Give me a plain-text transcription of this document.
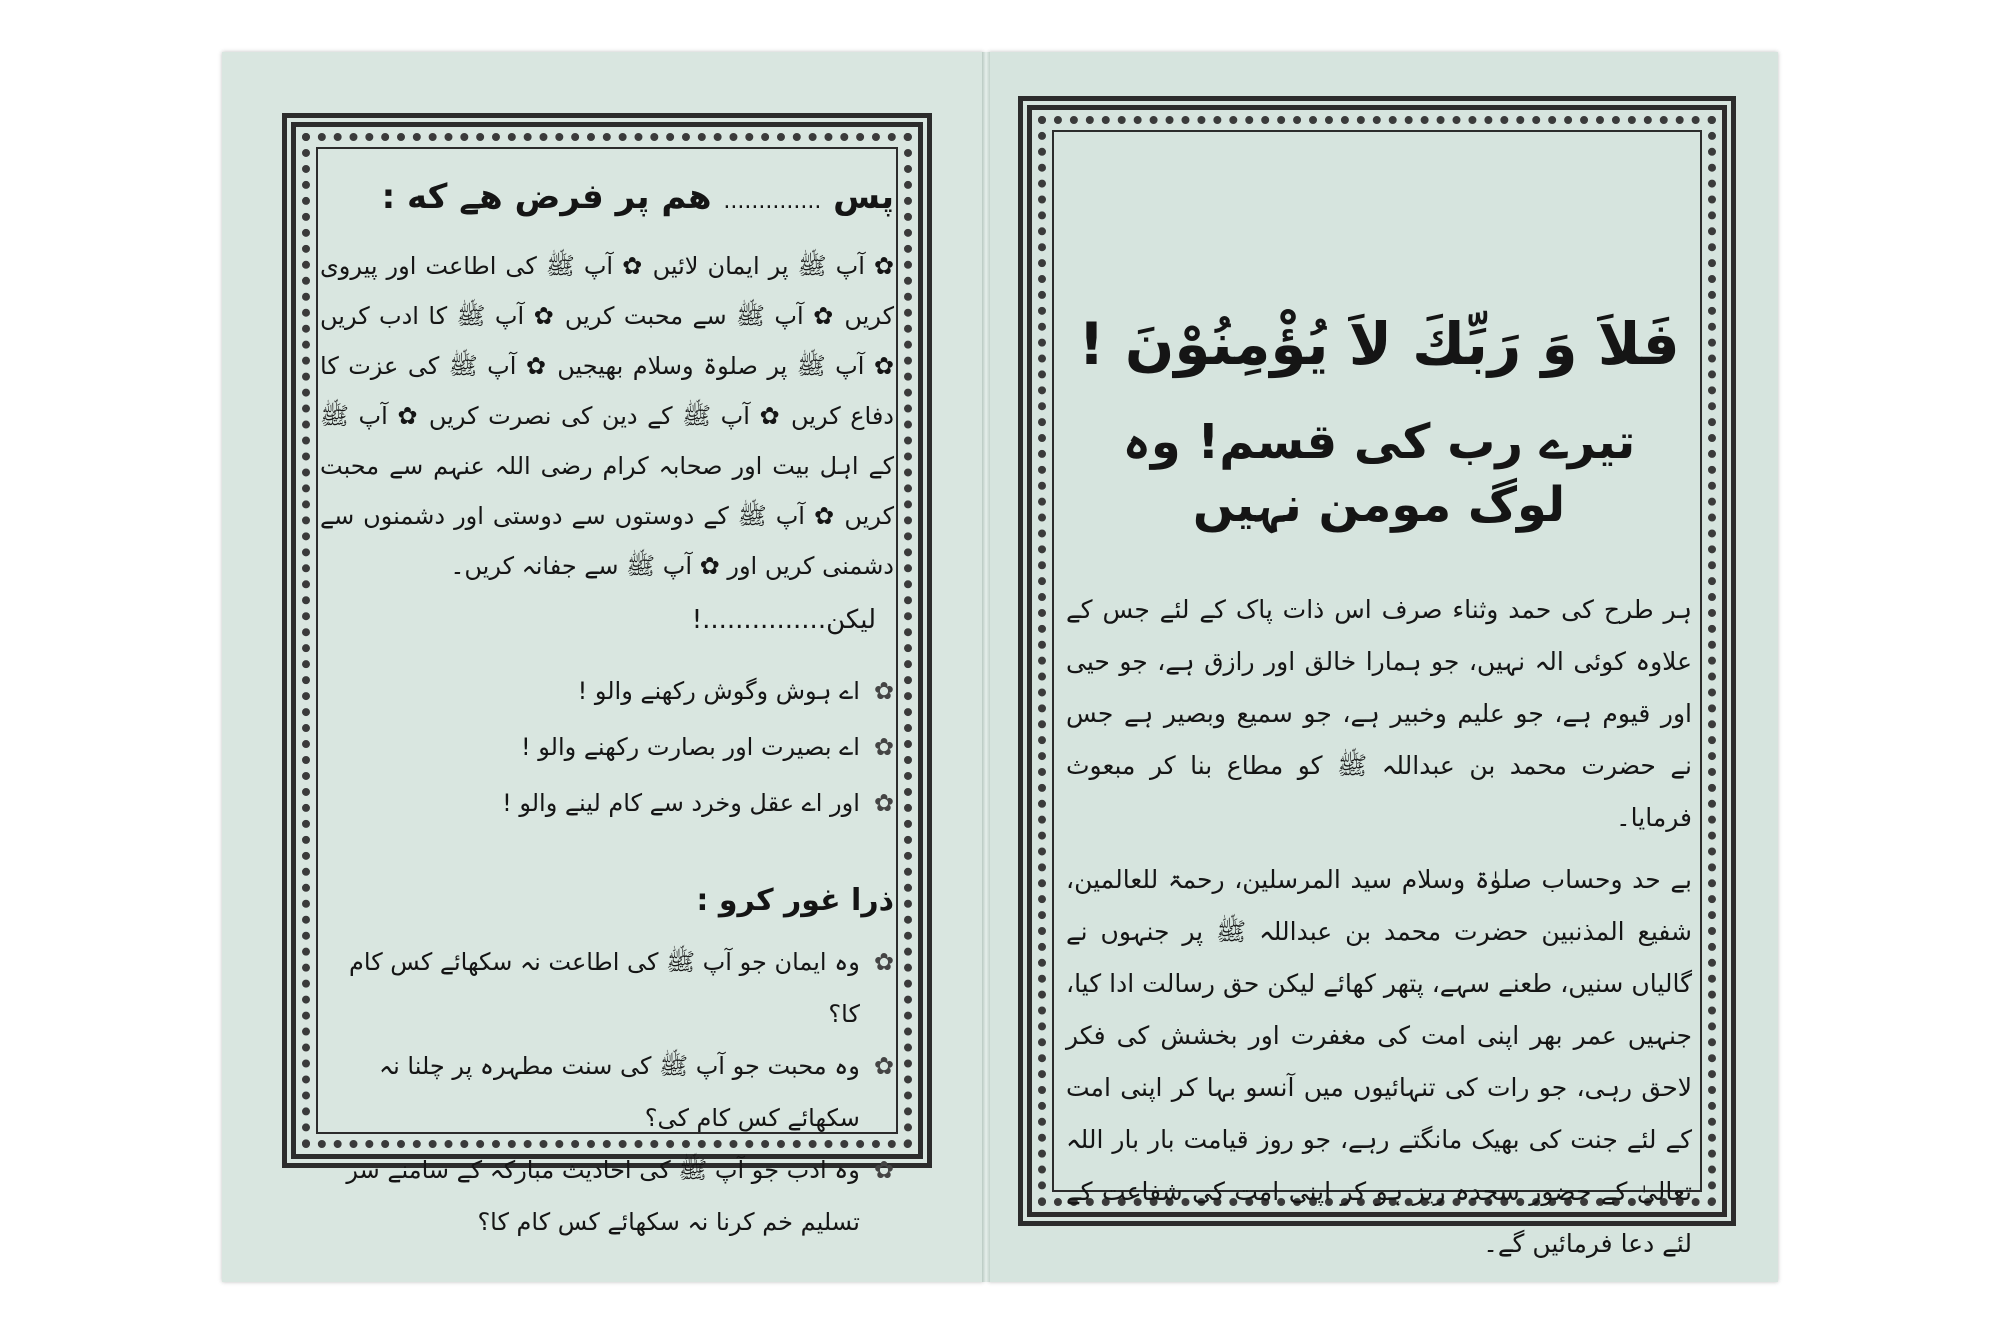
پس .............. هم پر فرض هے كه :

✿ آپ ﷺ پر ایمان لائیں ✿ آپ ﷺ کی اطاعت اور پیروی کریں ✿ آپ ﷺ سے محبت کریں ✿ آپ ﷺ کا ادب کریں ✿ آپ ﷺ پر صلوۃ وسلام بھیجیں ✿ آپ ﷺ کی عزت کا دفاع کریں ✿ آپ ﷺ کے دین کی نصرت کریں ✿ آپ ﷺ کے اہل بیت اور صحابہ کرام رضی اللہ عنہم سے محبت کریں ✿ آپ ﷺ کے دوستوں سے دوستی اور دشمنوں سے دشمنی کریں اور ✿ آپ ﷺ سے جفانہ کریں۔

لیکن...............!

✿
اے ہوش وگوش رکھنے والو !
✿
اے بصیرت اور بصارت رکھنے والو !
✿
اور اے عقل وخرد سے کام لینے والو !
ذرا غور كرو :
✿
وہ ایمان جو آپ ﷺ کی اطاعت نہ سکھائے کس کام کا؟
✿
وہ محبت جو آپ ﷺ کی سنت مطہرہ پر چلنا نہ سکھائے کس کام کی؟
✿
وہ ادب جو آپ ﷺ کی احادیث مبارکہ کے سامنے سر تسلیم خم کرنا نہ سکھائے کس کام کا؟
فَلاَ وَ رَبِّكَ لاَ يُؤْمِنُوْنَ !
تیرے رب کی قسم! وہ لوگ مومن نہیں

ہر طرح کی حمد وثناء صرف اس ذات پاک کے لئے جس کے علاوہ کوئی الہ نہیں، جو ہمارا خالق اور رازق ہے، جو حیی اور قیوم ہے، جو علیم وخبیر ہے، جو سمیع وبصیر ہے جس نے حضرت محمد بن عبداللہ ﷺ کو مطاع بنا کر مبعوث فرمایا۔

بے حد وحساب صلوٰۃ وسلام سید المرسلین، رحمۃ للعالمین، شفیع المذنبین حضرت محمد بن عبداللہ ﷺ پر جنہوں نے گالیاں سنیں، طعنے سہے، پتھر کھائے لیکن حق رسالت ادا کیا، جنہیں عمر بھر اپنی امت کی مغفرت اور بخشش کی فکر لاحق رہی، جو رات کی تنہائیوں میں آنسو بہا کر اپنی امت کے لئے جنت کی بھیک مانگتے رہے، جو روز قیامت بار بار اللہ تعالیٰ کے حضور سجدہ ریز ہو کر اپنی امت کی شفاعت کے لئے دعا فرمائیں گے۔
